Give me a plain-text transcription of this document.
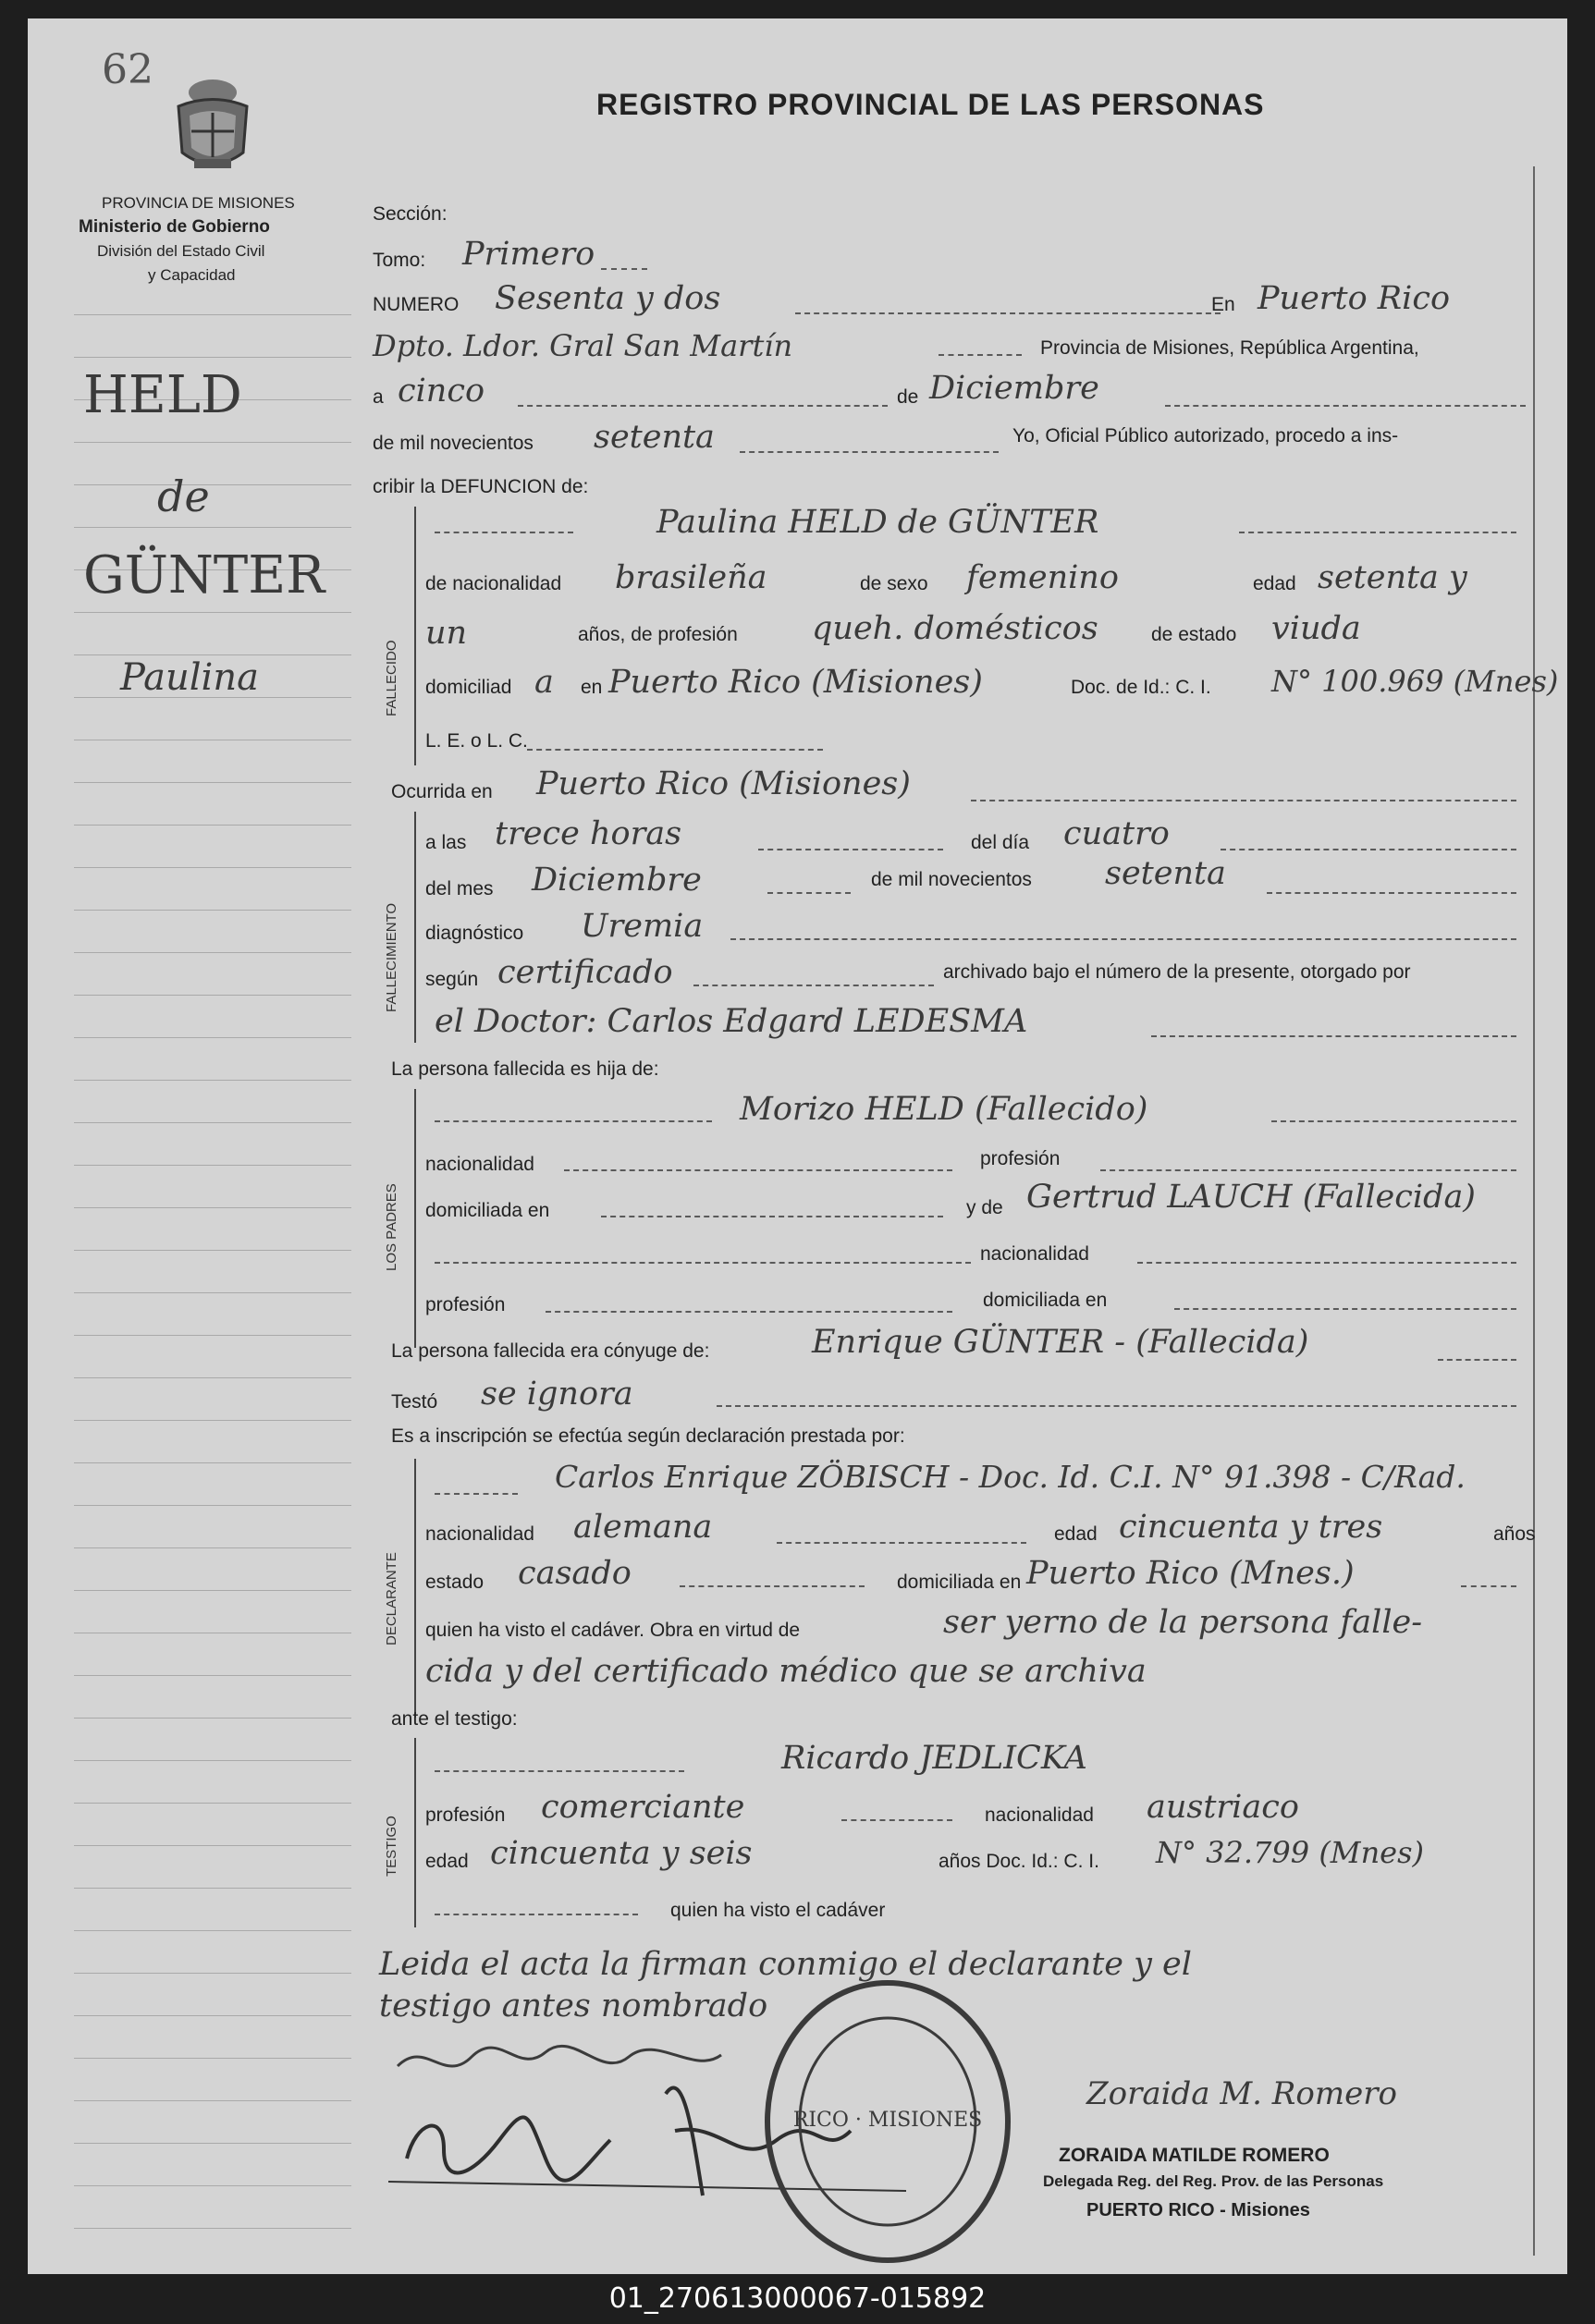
62
PROVINCIA DE MISIONES
Ministerio de Gobierno
División del Estado Civil
y Capacidad
REGISTRO PROVINCIAL DE LAS PERSONAS
HELD
de
GÜNTER
Paulina
Sección:
Tomo: Primero
NUMERO Sesenta y dos	En Puerto Rico
Dpto. Ldor. Gral San Martín	Provincia de Misiones, República Argentina,
a cinco	de Diciembre
de mil novecientos setenta	Yo, Oficial Público autorizado, procedo a ins-
cribir la DEFUNCION de:
FALLECIDO
Paulina HELD de GÜNTER
de nacionalidad brasileña	de sexo femenino	edad setenta y
un	años, de profesión queh. domésticos	de estado viuda
domiciliad a en Puerto Rico (Misiones)	Doc. de Id.: C. I. N° 100.969 (Mnes)
L. E. o L. C.
Ocurrida en Puerto Rico (Misiones)
FALLECIMIENTO
a las trece horas	del día cuatro
del mes Diciembre	de mil novecientos setenta
diagnóstico Uremia
según certificado	archivado bajo el número de la presente, otorgado por
el Doctor: Carlos Edgard LEDESMA
La persona fallecida es hija de:
LOS PADRES
Morizo HELD (Fallecido)
nacionalidad	profesión
domiciliada en	y de Gertrud LAUCH (Fallecida)
nacionalidad
profesión	domiciliada en
La persona fallecida era cónyuge de:	Enrique GÜNTER - (Fallecida)
Testó se ignora
Es a inscripción se efectúa según declaración prestada por:
DECLARANTE
Carlos Enrique ZÖBISCH - Doc. Id. C.I. N° 91.398 - C/Rad.
nacionalidad alemana	edad cincuenta y tres	años
estado casado	domiciliada en Puerto Rico (Mnes.)
quien ha visto el cadáver. Obra en virtud de	ser yerno de la persona falle-
cida y del certificado médico que se archiva
ante el testigo:
TESTIGO
Ricardo JEDLICKA
profesión comerciante	nacionalidad austriaco
edad cincuenta y seis	años Doc. Id.: C. I. N° 32.799 (Mnes)
quien ha visto el cadáver
Leida el acta la firman conmigo el declarante y el
testigo antes nombrado
RICO · MISIONES
Zoraida M. Romero
ZORAIDA MATILDE ROMERO
Delegada Reg. del Reg. Prov. de las Personas
PUERTO RICO - Misiones
01_270613000067-015892
